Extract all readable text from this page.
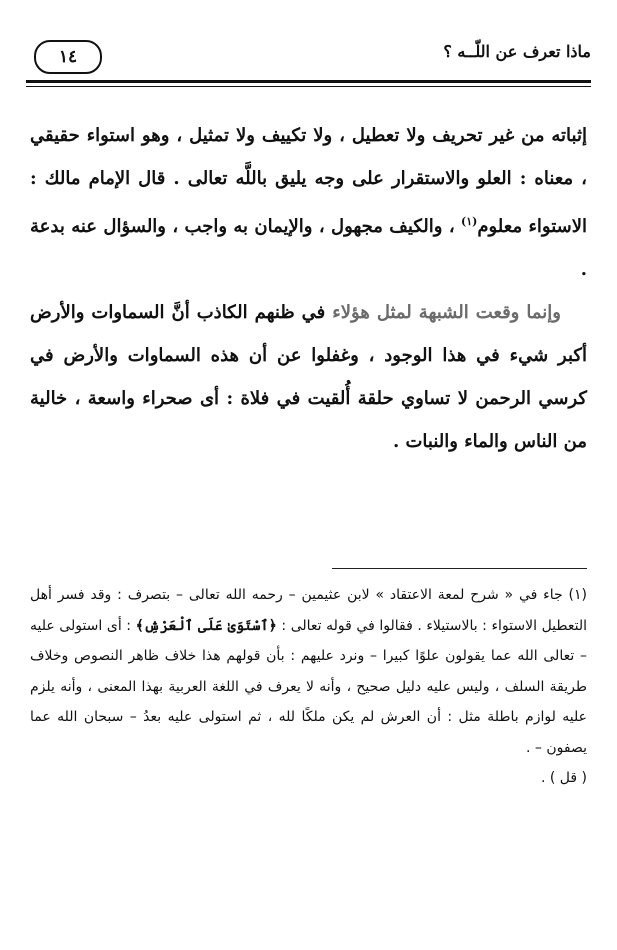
١٤	ماذا تعرف عن اللّــه ؟

إثباته من غير تحريف ولا تعطيل ، ولا تكييف ولا تمثيل ، وهو استواء حقيقي ، معناه : العلو والاستقرار على وجه يليق باللَّه تعالى . قال الإمام مالك : الاستواء معلوم$^{(١)}$ ، والكيف مجهول ، والإيمان به واجب ، والسؤال عنه بدعة .

وإنما وقعت الشبهة لمثل هؤلاء في ظنهم الكاذب أنَّ السماوات والأرض أكبر شيء في هذا الوجود ، وغفلوا عن أن هذه السماوات والأرض في كرسي الرحمن لا تساوي حلقة أُلقيت في فلاة : أى صحراء واسعة ، خالية من الناس والماء والنبات .

(١) جاء في « شرح لمعة الاعتقاد » لابن عثيمين – رحمه الله تعالى – بتصرف : وقد فسر أهل التعطيل الاستواء : بالاستيلاء . فقالوا في قوله تعالى : ﴿ٱسْتَوَىٰ عَلَى ٱلْعَرْشِ﴾ : أى استولى عليه – تعالى الله عما يقولون علوًا كبيرا – ونرد عليهم : بأن قولهم هذا خلاف ظاهر النصوص وخلاف طريقة السلف ، وليس عليه دليل صحيح ، وأنه لا يعرف في اللغة العربية بهذا المعنى ، وأنه يلزم عليه لوازم باطلة مثل : أن العرش لم يكن ملكًا لله ، ثم استولى عليه بعدُ – سبحان الله عما يصفون – .

( قل ) .
